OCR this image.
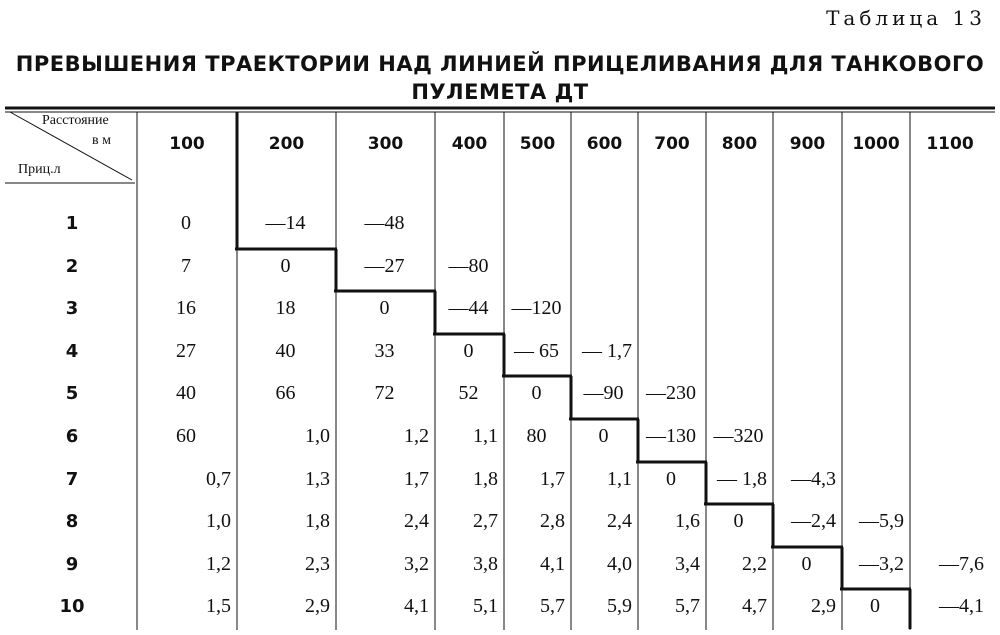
Таблица 13
ПРЕВЫШЕНИЯ ТРАЕКТОРИИ НАД ЛИНИЕЙ ПРИЦЕЛИВАНИЯ ДЛЯ ТАНКОВОГО
ПУЛЕМЕТА ДТ
Расстояние
в м
Приц.л
100	200	300	400	500	600	700	800	900	1000 1100
1	0	—14	—48
2	7	0	—27	—80
3	16	18	0	—44	—120
4	27	40	33	0	— 65	— 1,7
5	40	66	72	52	0	—90	—230
6	60	1,0	1,2	1,1	80	0	—130 —320
7	0,7	1,3	1,7	1,8	1,7	1,1	0	— 1,8	—4,3
8	1,0	1,8	2,4	2,7	2,8	2,4	1,6	0	—2,4	—5,9
9	1,2	2,3	3,2	3,8	4,1	4,0	3,4	2,2	0	—3,2	—7,6
10	1,5	2,9	4,1	5,1	5,7	5,9	5,7	4,7	2,9	0	—4,1
